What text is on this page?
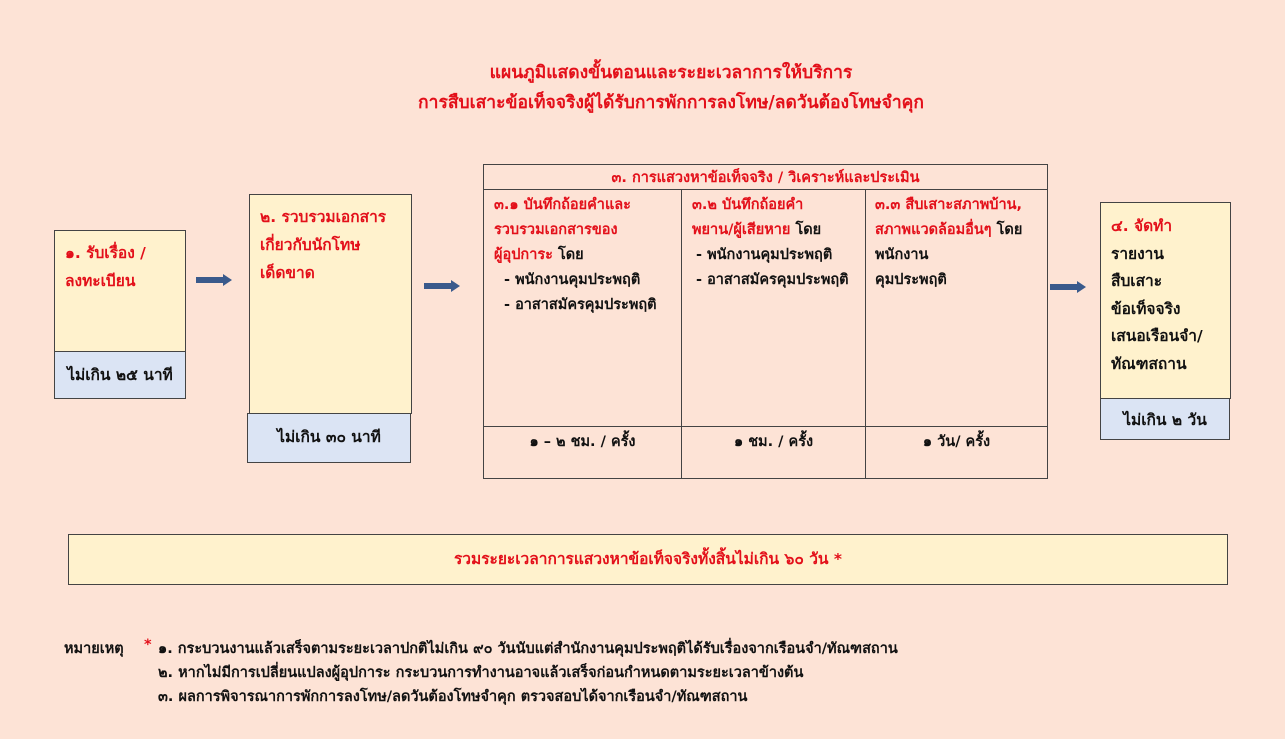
แผนภูมิแสดงขั้นตอนและระยะเวลาการให้บริการ
การสืบเสาะข้อเท็จจริงผู้ได้รับการพักการลงโทษ/ลดวันต้องโทษจำคุก
๑. รับเรื่อง /
ลงทะเบียน
ไม่เกิน ๒๕ นาที
๒. รวบรวมเอกสาร
เกี่ยวกับนักโทษ
เด็ดขาด
ไม่เกิน ๓๐ นาที
๓. การแสวงหาข้อเท็จจริง / วิเคราะห์และประเมิน
๓.๑ บันทึกถ้อยคำและ
รวบรวมเอกสารของ
ผู้อุปการะ โดย
- พนักงานคุมประพฤติ
- อาสาสมัครคุมประพฤติ
๑ – ๒ ชม. / ครั้ง
๓.๒ บันทึกถ้อยคำ
พยาน/ผู้เสียหาย โดย
- พนักงานคุมประพฤติ
- อาสาสมัครคุมประพฤติ
๑ ชม. / ครั้ง
๓.๓ สืบเสาะสภาพบ้าน,
สภาพแวดล้อมอื่นๆ โดย
พนักงาน
คุมประพฤติ
๑ วัน/ ครั้ง
๔. จัดทำ
รายงาน
สืบเสาะ
ข้อเท็จจริง
เสนอเรือนจำ/
ทัณฑสถาน
ไม่เกิน ๒ วัน
รวมระยะเวลาการแสวงหาข้อเท็จจริงทั้งสิ้นไม่เกิน ๖๐ วัน *
หมายเหตุ * ๑. กระบวนงานแล้วเสร็จตามระยะเวลาปกติไม่เกิน ๙๐ วันนับแต่สำนักงานคุมประพฤติได้รับเรื่องจากเรือนจำ/ทัณฑสถาน
๒. หากไม่มีการเปลี่ยนแปลงผู้อุปการะ กระบวนการทำงานอาจแล้วเสร็จก่อนกำหนดตามระยะเวลาข้างต้น
๓. ผลการพิจารณาการพักการลงโทษ/ลดวันต้องโทษจำคุก ตรวจสอบได้จากเรือนจำ/ทัณฑสถาน
